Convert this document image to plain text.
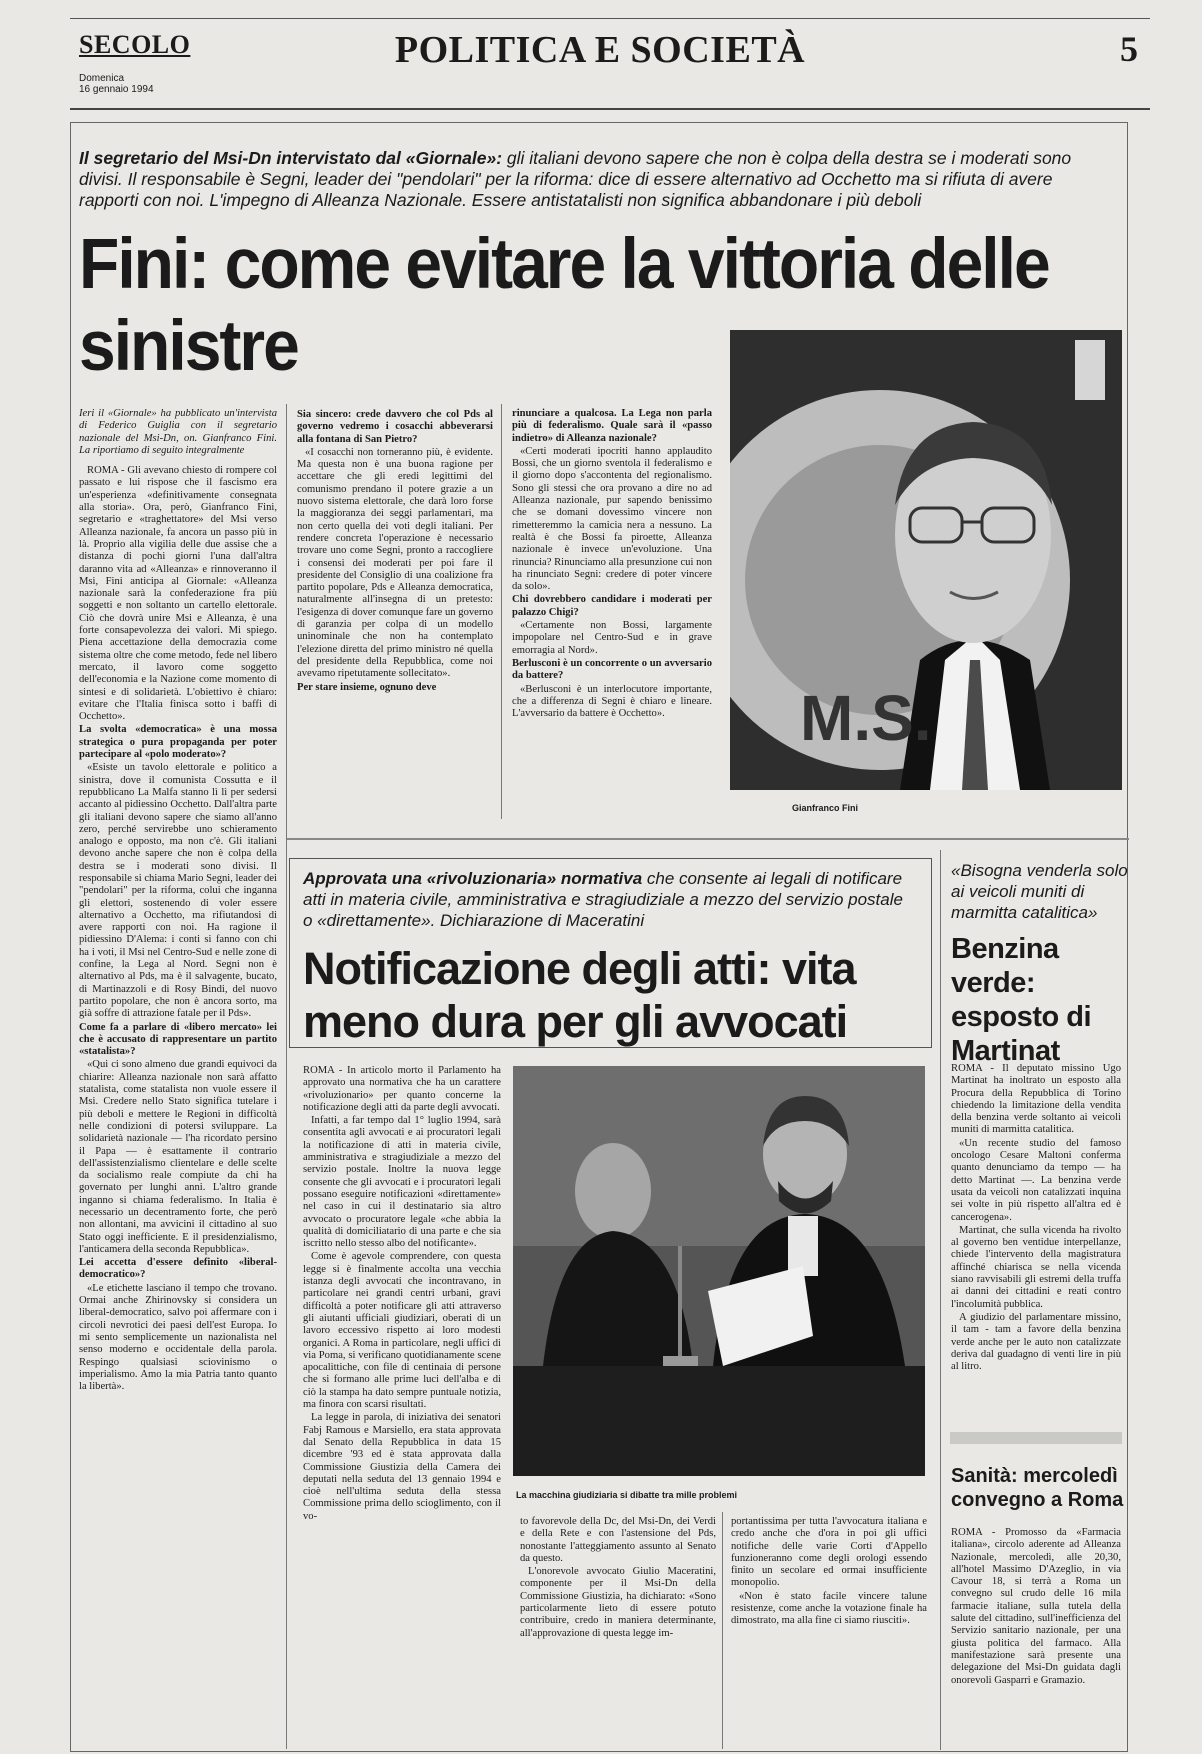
SECOLO
Domenica
16 gennaio 1994
POLITICA E SOCIETÀ	5
Il segretario del Msi-Dn intervistato dal «Giornale»: gli italiani devono sapere che non è colpa della destra se i moderati sono divisi. Il responsabile è Segni, leader dei "pendolari" per la riforma: dice di essere alternativo ad Occhetto ma si rifiuta di avere rapporti con noi. L'impegno di Alleanza Nazionale. Essere antistatalisti non significa abbandonare i più deboli
Fini: come evitare la vittoria delle sinistre
M.S.
Gianfranco Fini

Ieri il «Giornale» ha pubblicato un'intervista di Federico Guiglia con il segretario nazionale del Msi-Dn, on. Gianfranco Fini. La riportiamo di seguito integralmente

ROMA - Gli avevano chiesto di rompere col passato e lui rispose che il fascismo era un'esperienza «definitivamente consegnata alla storia». Ora, però, Gianfranco Fini, segretario e «traghettatore» del Msi verso Alleanza nazionale, fa ancora un passo più in là. Proprio alla vigilia delle due assise che a distanza di pochi giorni l'una dall'altra daranno vita ad «Alleanza» e rinnoveranno il Msi, Fini anticipa al Giornale: «Alleanza nazionale sarà la confederazione fra più soggetti e non soltanto un cartello elettorale. Ciò che dovrà unire Msi e Alleanza, è una forte consapevolezza dei valori. Mi spiego. Piena accettazione della democrazia come sistema oltre che come metodo, fede nel libero mercato, il lavoro come soggetto dell'economia e la Nazione come momento di sintesi e di solidarietà. L'obiettivo è chiaro: evitare che l'Italia finisca sotto i baffi di Occhetto».

La svolta «democratica» è una mossa strategica o pura propaganda per poter partecipare al «polo moderato»?

«Esiste un tavolo elettorale e politico a sinistra, dove il comunista Cossutta e il repubblicano La Malfa stanno lì lì per sedersi accanto al pidiessino Occhetto. Dall'altra parte gli italiani devono sapere che siamo all'anno zero, perché servirebbe uno schieramento analogo e opposto, ma non c'è. Gli italiani devono anche sapere che non è colpa della destra se i moderati sono divisi. Il responsabile si chiama Mario Segni, leader dei "pendolari" per la riforma, colui che inganna gli elettori, sostenendo di voler essere alternativo a Occhetto, ma rifiutandosi di avere rapporti con noi. Ha ragione il pidiessino D'Alema: i conti si fanno con chi ha i voti, il Msi nel Centro-Sud e nelle zone di confine, la Lega al Nord. Segni non è alternativo al Pds, ma è il salvagente, bucato, di Martinazzoli e di Rosy Bindi, del nuovo partito popolare, che non è ancora sorto, ma già soffre di attrazione fatale per il Pds».

Come fa a parlare di «libero mercato» lei che è accusato di rappresentare un partito «statalista»?

«Qui ci sono almeno due grandi equivoci da chiarire: Alleanza nazionale non sarà affatto statalista, come statalista non vuole essere il Msi. Credere nello Stato significa tutelare i più deboli e mettere le Regioni in difficoltà nelle condizioni di potersi sviluppare. La solidarietà nazionale — l'ha ricordato persino il Papa — è esattamente il contrario dell'assistenzialismo clientelare e delle scelte da socialismo reale compiute da chi ha governato per lunghi anni. L'altro grande inganno si chiama federalismo. In Italia è necessario un decentramento forte, che però non allontani, ma avvicini il cittadino al suo Stato oggi inefficiente. E il presidenzialismo, l'anticamera della seconda Repubblica».

Lei accetta d'essere definito «liberal-democratico»?

«Le etichette lasciano il tempo che trovano. Ormai anche Zhirinovsky si considera un liberal-democratico, salvo poi affermare con i circoli nevrotici dei paesi dell'est Europa. Io mi sento semplicemente un nazionalista nel senso moderno e occidentale della parola. Respingo qualsiasi sciovinismo o imperialismo. Amo la mia Patria tanto quanto la libertà».

Sia sincero: crede davvero che col Pds al governo vedremo i cosacchi abbeverarsi alla fontana di San Pietro?

«I cosacchi non torneranno più, è evidente. Ma questa non è una buona ragione per accettare che gli eredi legittimi del comunismo prendano il potere grazie a un nuovo sistema elettorale, che darà loro forse la maggioranza dei seggi parlamentari, ma non certo quella dei voti degli italiani. Per rendere concreta l'operazione è necessario trovare uno come Segni, pronto a raccogliere i consensi dei moderati per poi fare il presidente del Consiglio di una coalizione fra partito popolare, Pds e Alleanza democratica, naturalmente all'insegna di un pretesto: l'esigenza di dover comunque fare un governo di garanzia per colpa di un modello uninominale che non ha contemplato l'elezione diretta del primo ministro né quella del presidente della Repubblica, come noi avevamo ripetutamente sollecitato».

Per stare insieme, ognuno deve

rinunciare a qualcosa. La Lega non parla più di federalismo. Quale sarà il «passo indietro» di Alleanza nazionale?

«Certi moderati ipocriti hanno applaudito Bossi, che un giorno sventola il federalismo e il giorno dopo s'accontenta del regionalismo. Sono gli stessi che ora provano a dire no ad Alleanza nazionale, pur sapendo benissimo che se domani dovessimo vincere non rimetteremmo la camicia nera a nessuno. La realtà è che Bossi fa piroette, Alleanza nazionale è invece un'evoluzione. Una rinuncia? Rinunciamo alla presunzione cui non ha rinunciato Segni: credere di poter vincere da solo».

Chi dovrebbero candidare i moderati per palazzo Chigi?

«Certamente non Bossi, largamente impopolare nel Centro-Sud e in grave emorragia al Nord».

Berlusconi è un concorrente o un avversario da battere?

«Berlusconi è un interlocutore importante, che a differenza di Segni è chiaro e lineare. L'avversario da battere è Occhetto».

Approvata una «rivoluzionaria» normativa che consente ai legali di notificare atti in materia civile, amministrativa e stragiudiziale a mezzo del servizio postale o «direttamente». Dichiarazione di Maceratini
Notificazione degli atti: vita meno dura per gli avvocati

ROMA - In articolo morto il Parlamento ha approvato una normativa che ha un carattere «rivoluzionario» per quanto concerne la notificazione degli atti da parte degli avvocati.

Infatti, a far tempo dal 1° luglio 1994, sarà consentita agli avvocati e ai procuratori legali la notificazione di atti in materia civile, amministrativa e stragiudiziale a mezzo del servizio postale. Inoltre la nuova legge consente che gli avvocati e i procuratori legali possano eseguire notificazioni «direttamente» nel caso in cui il destinatario sia altro avvocato o procuratore legale «che abbia la qualità di domiciliatario di una parte e che sia iscritto nello stesso albo del notificante».

Come è agevole comprendere, con questa legge si è finalmente accolta una vecchia istanza degli avvocati che incontravano, in particolare nei grandi centri urbani, gravi difficoltà a poter notificare gli atti attraverso gli aiutanti ufficiali giudiziari, oberati di un lavoro eccessivo rispetto ai loro modesti organici. A Roma in particolare, negli uffici di via Poma, si verificano quotidianamente scene apocalittiche, con file di centinaia di persone che si formano alle prime luci dell'alba e di ciò la stampa ha dato sempre puntuale notizia, ma finora con scarsi risultati.

La legge in parola, di iniziativa dei senatori Fabj Ramous e Marsiello, era stata approvata dal Senato della Repubblica in data 15 dicembre '93 ed è stata approvata dalla Commissione Giustizia della Camera dei deputati nella seduta del 13 gennaio 1994 e cioè nell'ultima seduta della stessa Commissione prima dello scioglimento, con il vo-

La macchina giudiziaria si dibatte tra mille problemi

to favorevole della Dc, del Msi-Dn, dei Verdi e della Rete e con l'astensione del Pds, nonostante l'atteggiamento assunto al Senato da questo.

L'onorevole avvocato Giulio Maceratini, componente per il Msi-Dn della Commissione Giustizia, ha dichiarato: «Sono particolarmente lieto di essere potuto contribuire, credo in maniera determinante, all'approvazione di questa legge im-

portantissima per tutta l'avvocatura italiana e credo anche che d'ora in poi gli uffici notifiche delle varie Corti d'Appello funzioneranno come degli orologi essendo finito un secolare ed ormai insufficiente monopolio.

«Non è stato facile vincere talune resistenze, come anche la votazione finale ha dimostrato, ma alla fine ci siamo riusciti».

«Bisogna venderla solo ai veicoli muniti di marmitta catalitica»
Benzina verde: esposto di Martinat

ROMA - Il deputato missino Ugo Martinat ha inoltrato un esposto alla Procura della Repubblica di Torino chiedendo la limitazione della vendita della benzina verde soltanto ai veicoli muniti di marmitta catalitica.

«Un recente studio del famoso oncologo Cesare Maltoni conferma quanto denunciamo da tempo — ha detto Martinat —. La benzina verde usata da veicoli non catalizzati inquina sei volte in più rispetto all'altra ed è cancerogena».

Martinat, che sulla vicenda ha rivolto al governo ben ventidue interpellanze, chiede l'intervento della magistratura affinché chiarisca se nella vicenda siano ravvisabili gli estremi della truffa ai danni dei cittadini e reati contro l'incolumità pubblica.

A giudizio del parlamentare missino, il tam - tam a favore della benzina verde anche per le auto non catalizzate deriva dal guadagno di venti lire in più al litro.

Sanità: mercoledì convegno a Roma

ROMA - Promosso da «Farmacia italiana», circolo aderente ad Alleanza Nazionale, mercoledì, alle 20,30, all'hotel Massimo D'Azeglio, in via Cavour 18, si terrà a Roma un convegno sul crudo delle 16 mila farmacie italiane, sulla tutela della salute del cittadino, sull'inefficienza del Servizio sanitario nazionale, per una giusta politica del farmaco. Alla manifestazione sarà presente una delegazione del Msi-Dn guidata dagli onorevoli Gasparri e Gramazio.
